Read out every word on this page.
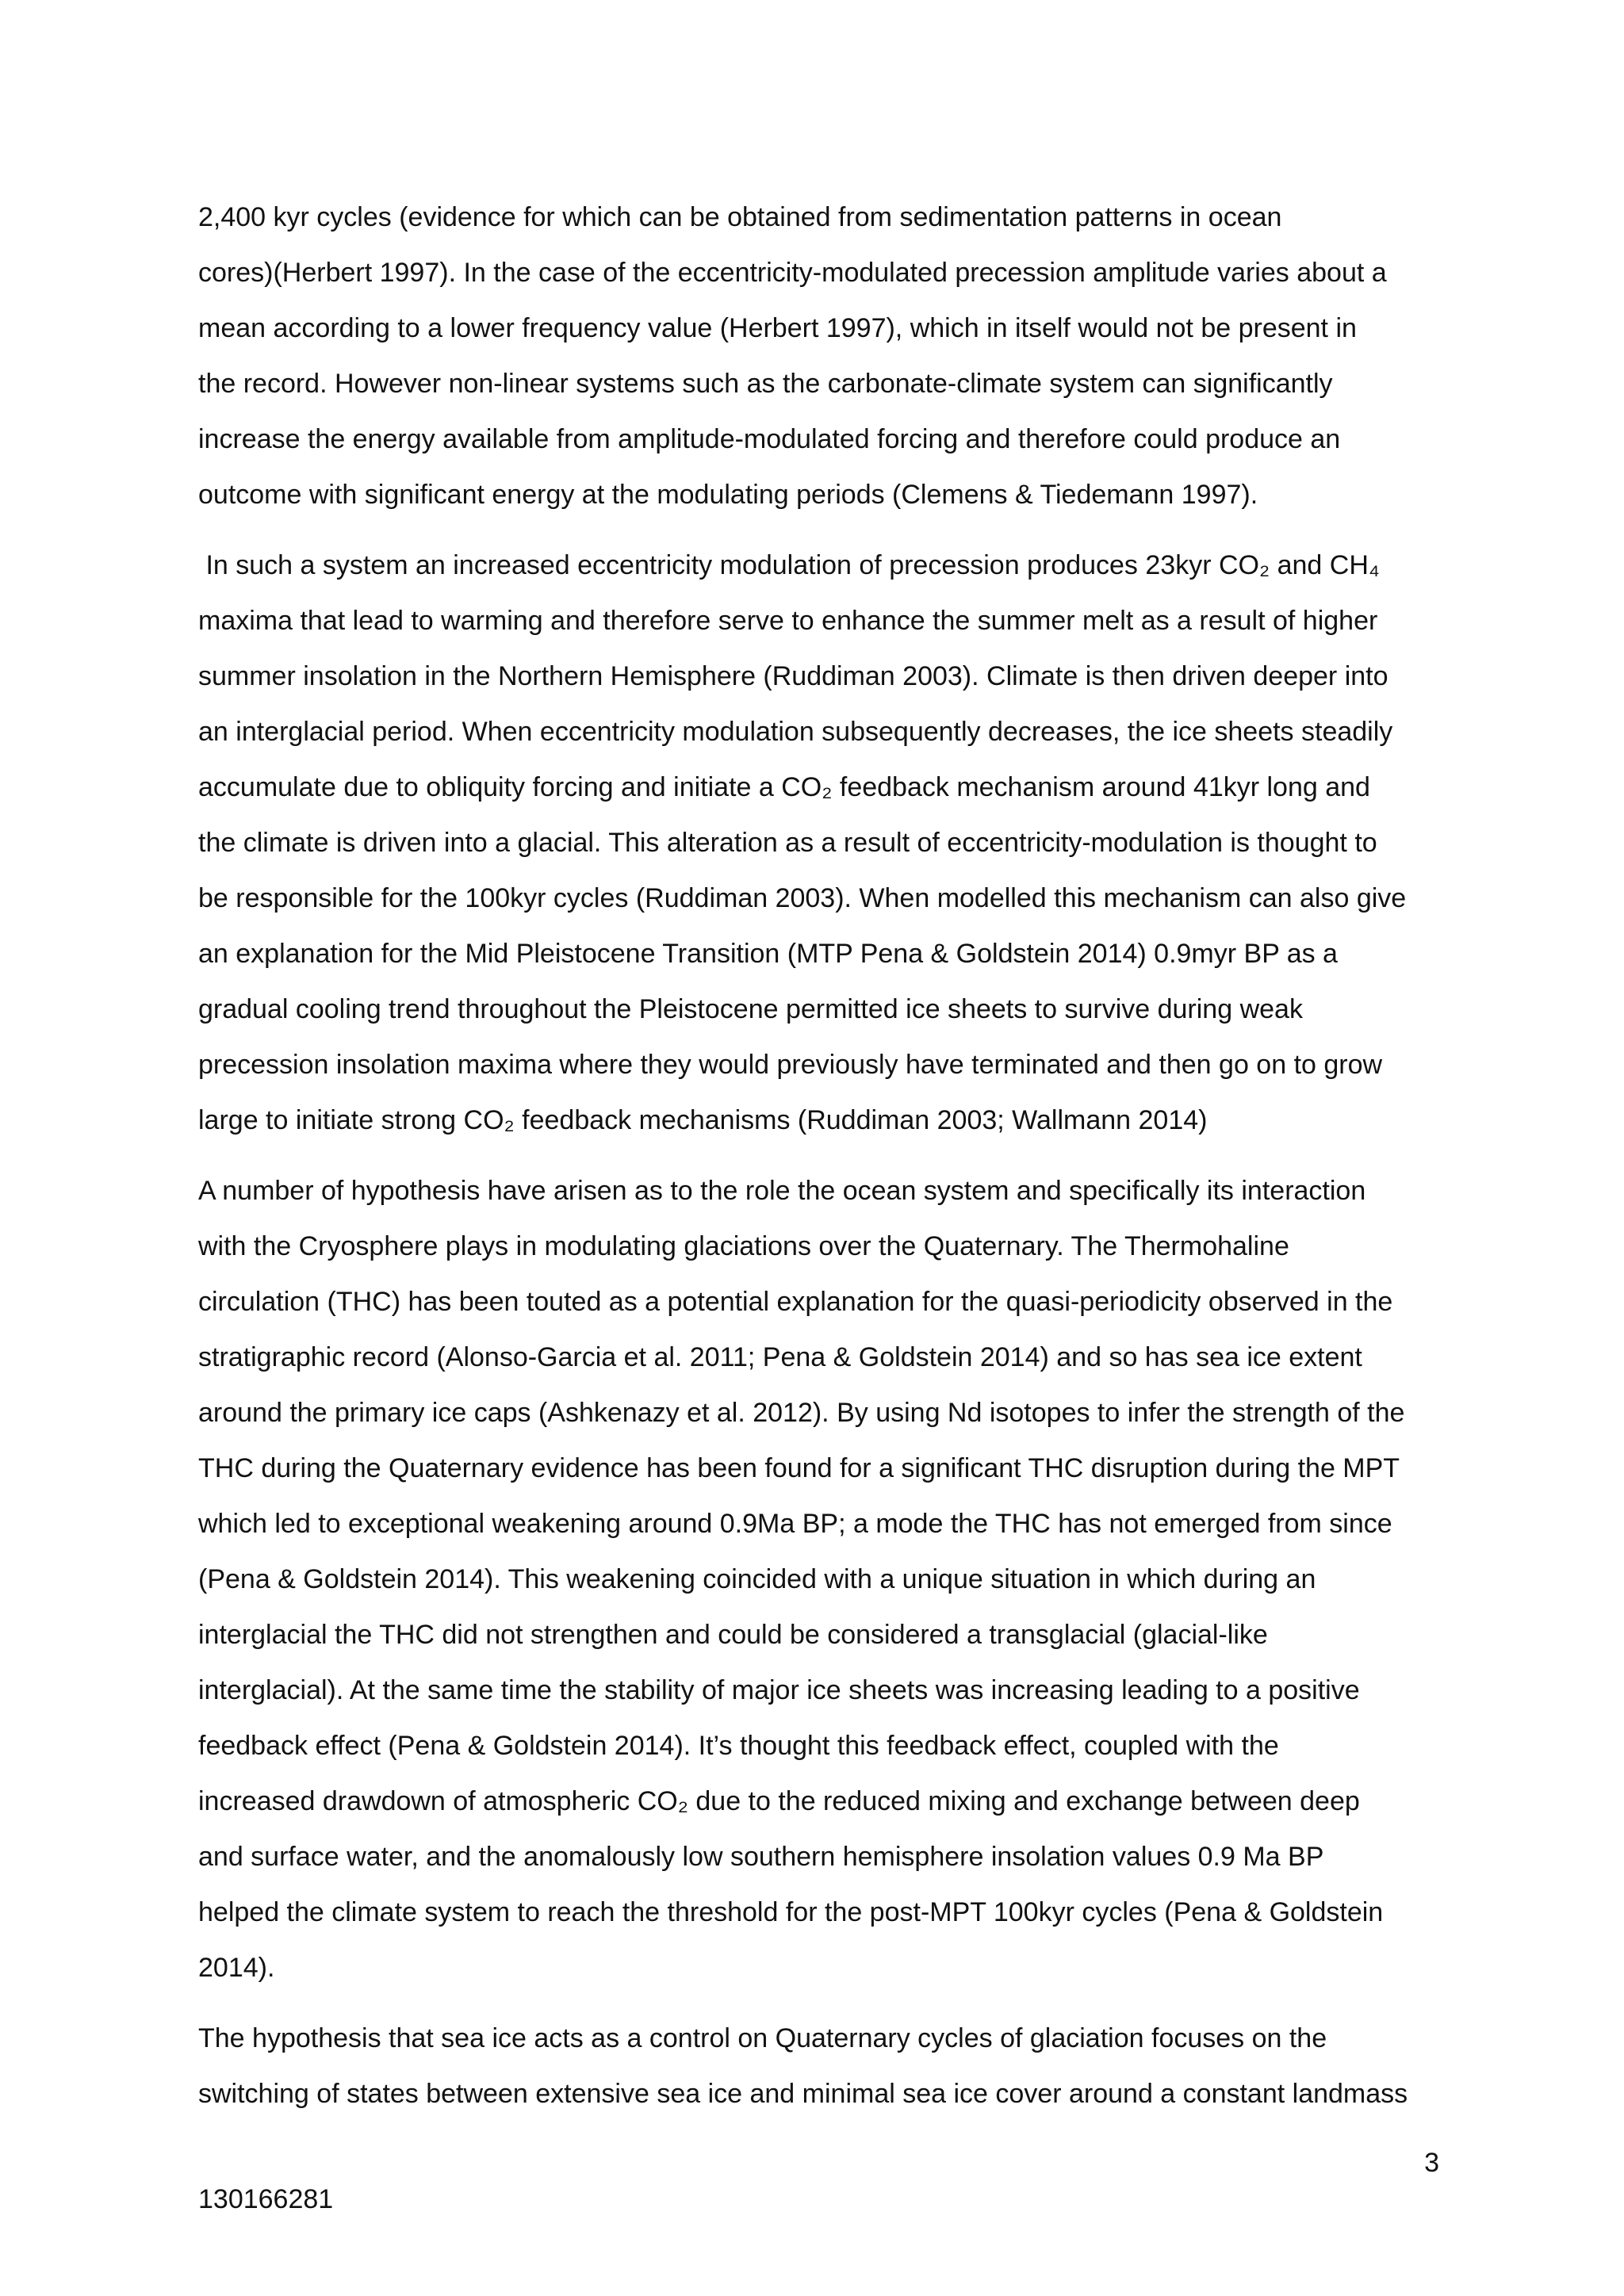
2,400 kyr cycles (evidence for which can be obtained from sedimentation patterns in ocean
cores)(Herbert 1997). In the case of the eccentricity-modulated precession amplitude varies about a
mean according to a lower frequency value (Herbert 1997), which in itself would not be present in
the record. However non-linear systems such as the carbonate-climate system can significantly
increase the energy available from amplitude-modulated forcing and therefore could produce an
outcome with significant energy at the modulating periods (Clemens & Tiedemann 1997).
In such a system an increased eccentricity modulation of precession produces 23kyr CO₂ and CH₄
maxima that lead to warming and therefore serve to enhance the summer melt as a result of higher
summer insolation in the Northern Hemisphere (Ruddiman 2003). Climate is then driven deeper into
an interglacial period. When eccentricity modulation subsequently decreases, the ice sheets steadily
accumulate due to obliquity forcing and initiate a CO₂ feedback mechanism around 41kyr long and
the climate is driven into a glacial. This alteration as a result of eccentricity-modulation is thought to
be responsible for the 100kyr cycles (Ruddiman 2003). When modelled this mechanism can also give
an explanation for the Mid Pleistocene Transition (MTP Pena & Goldstein 2014) 0.9myr BP as a
gradual cooling trend throughout the Pleistocene permitted ice sheets to survive during weak
precession insolation maxima where they would previously have terminated and then go on to grow
large to initiate strong CO₂ feedback mechanisms (Ruddiman 2003; Wallmann 2014)
A number of hypothesis have arisen as to the role the ocean system and specifically its interaction
with the Cryosphere plays in modulating glaciations over the Quaternary. The Thermohaline
circulation (THC) has been touted as a potential explanation for the quasi-periodicity observed in the
stratigraphic record (Alonso-Garcia et al. 2011; Pena & Goldstein 2014) and so has sea ice extent
around the primary ice caps (Ashkenazy et al. 2012). By using Nd isotopes to infer the strength of the
THC during the Quaternary evidence has been found for a significant THC disruption during the MPT
which led to exceptional weakening around 0.9Ma BP; a mode the THC has not emerged from since
(Pena & Goldstein 2014). This weakening coincided with a unique situation in which during an
interglacial the THC did not strengthen and could be considered a transglacial (glacial-like
interglacial). At the same time the stability of major ice sheets was increasing leading to a positive
feedback effect (Pena & Goldstein 2014). It’s thought this feedback effect, coupled with the
increased drawdown of atmospheric CO₂ due to the reduced mixing and exchange between deep
and surface water, and the anomalously low southern hemisphere insolation values 0.9 Ma BP
helped the climate system to reach the threshold for the post-MPT 100kyr cycles (Pena & Goldstein
2014).
The hypothesis that sea ice acts as a control on Quaternary cycles of glaciation focuses on the
switching of states between extensive sea ice and minimal sea ice cover around a constant landmass
3
130166281
